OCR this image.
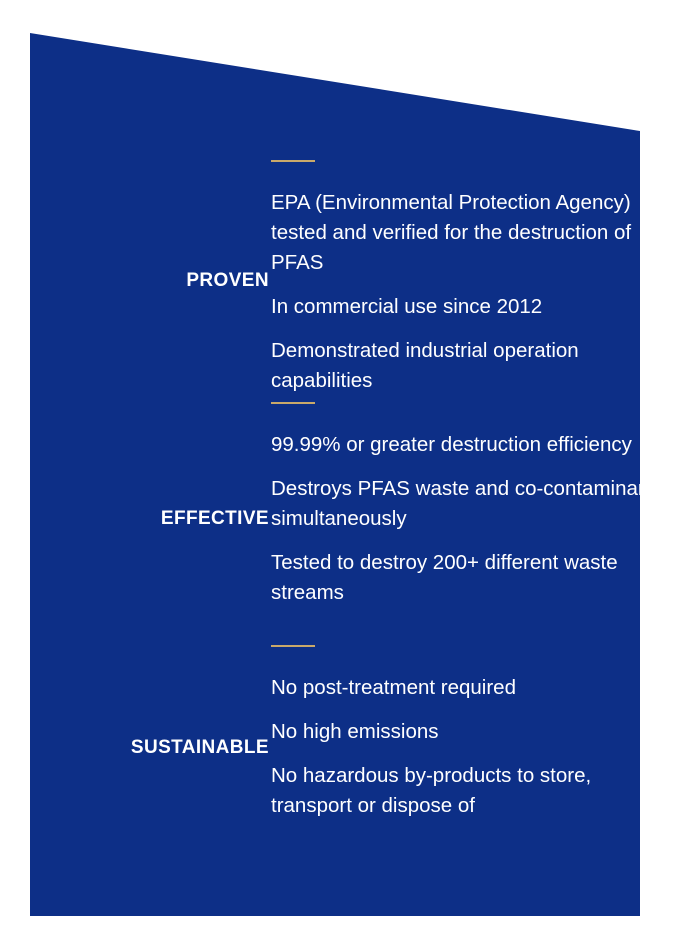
PROVEN
EPA (Environmental Protection Agency) tested and verified for the destruction of PFAS
In commercial use since 2012
Demonstrated industrial operation capabilities
EFFECTIVE
99.99% or greater destruction efficiency
Destroys PFAS waste and co-contaminants simultaneously
Tested to destroy 200+ different waste streams
SUSTAINABLE
No post-treatment required
No high emissions
No hazardous by-products to store, transport or dispose of
